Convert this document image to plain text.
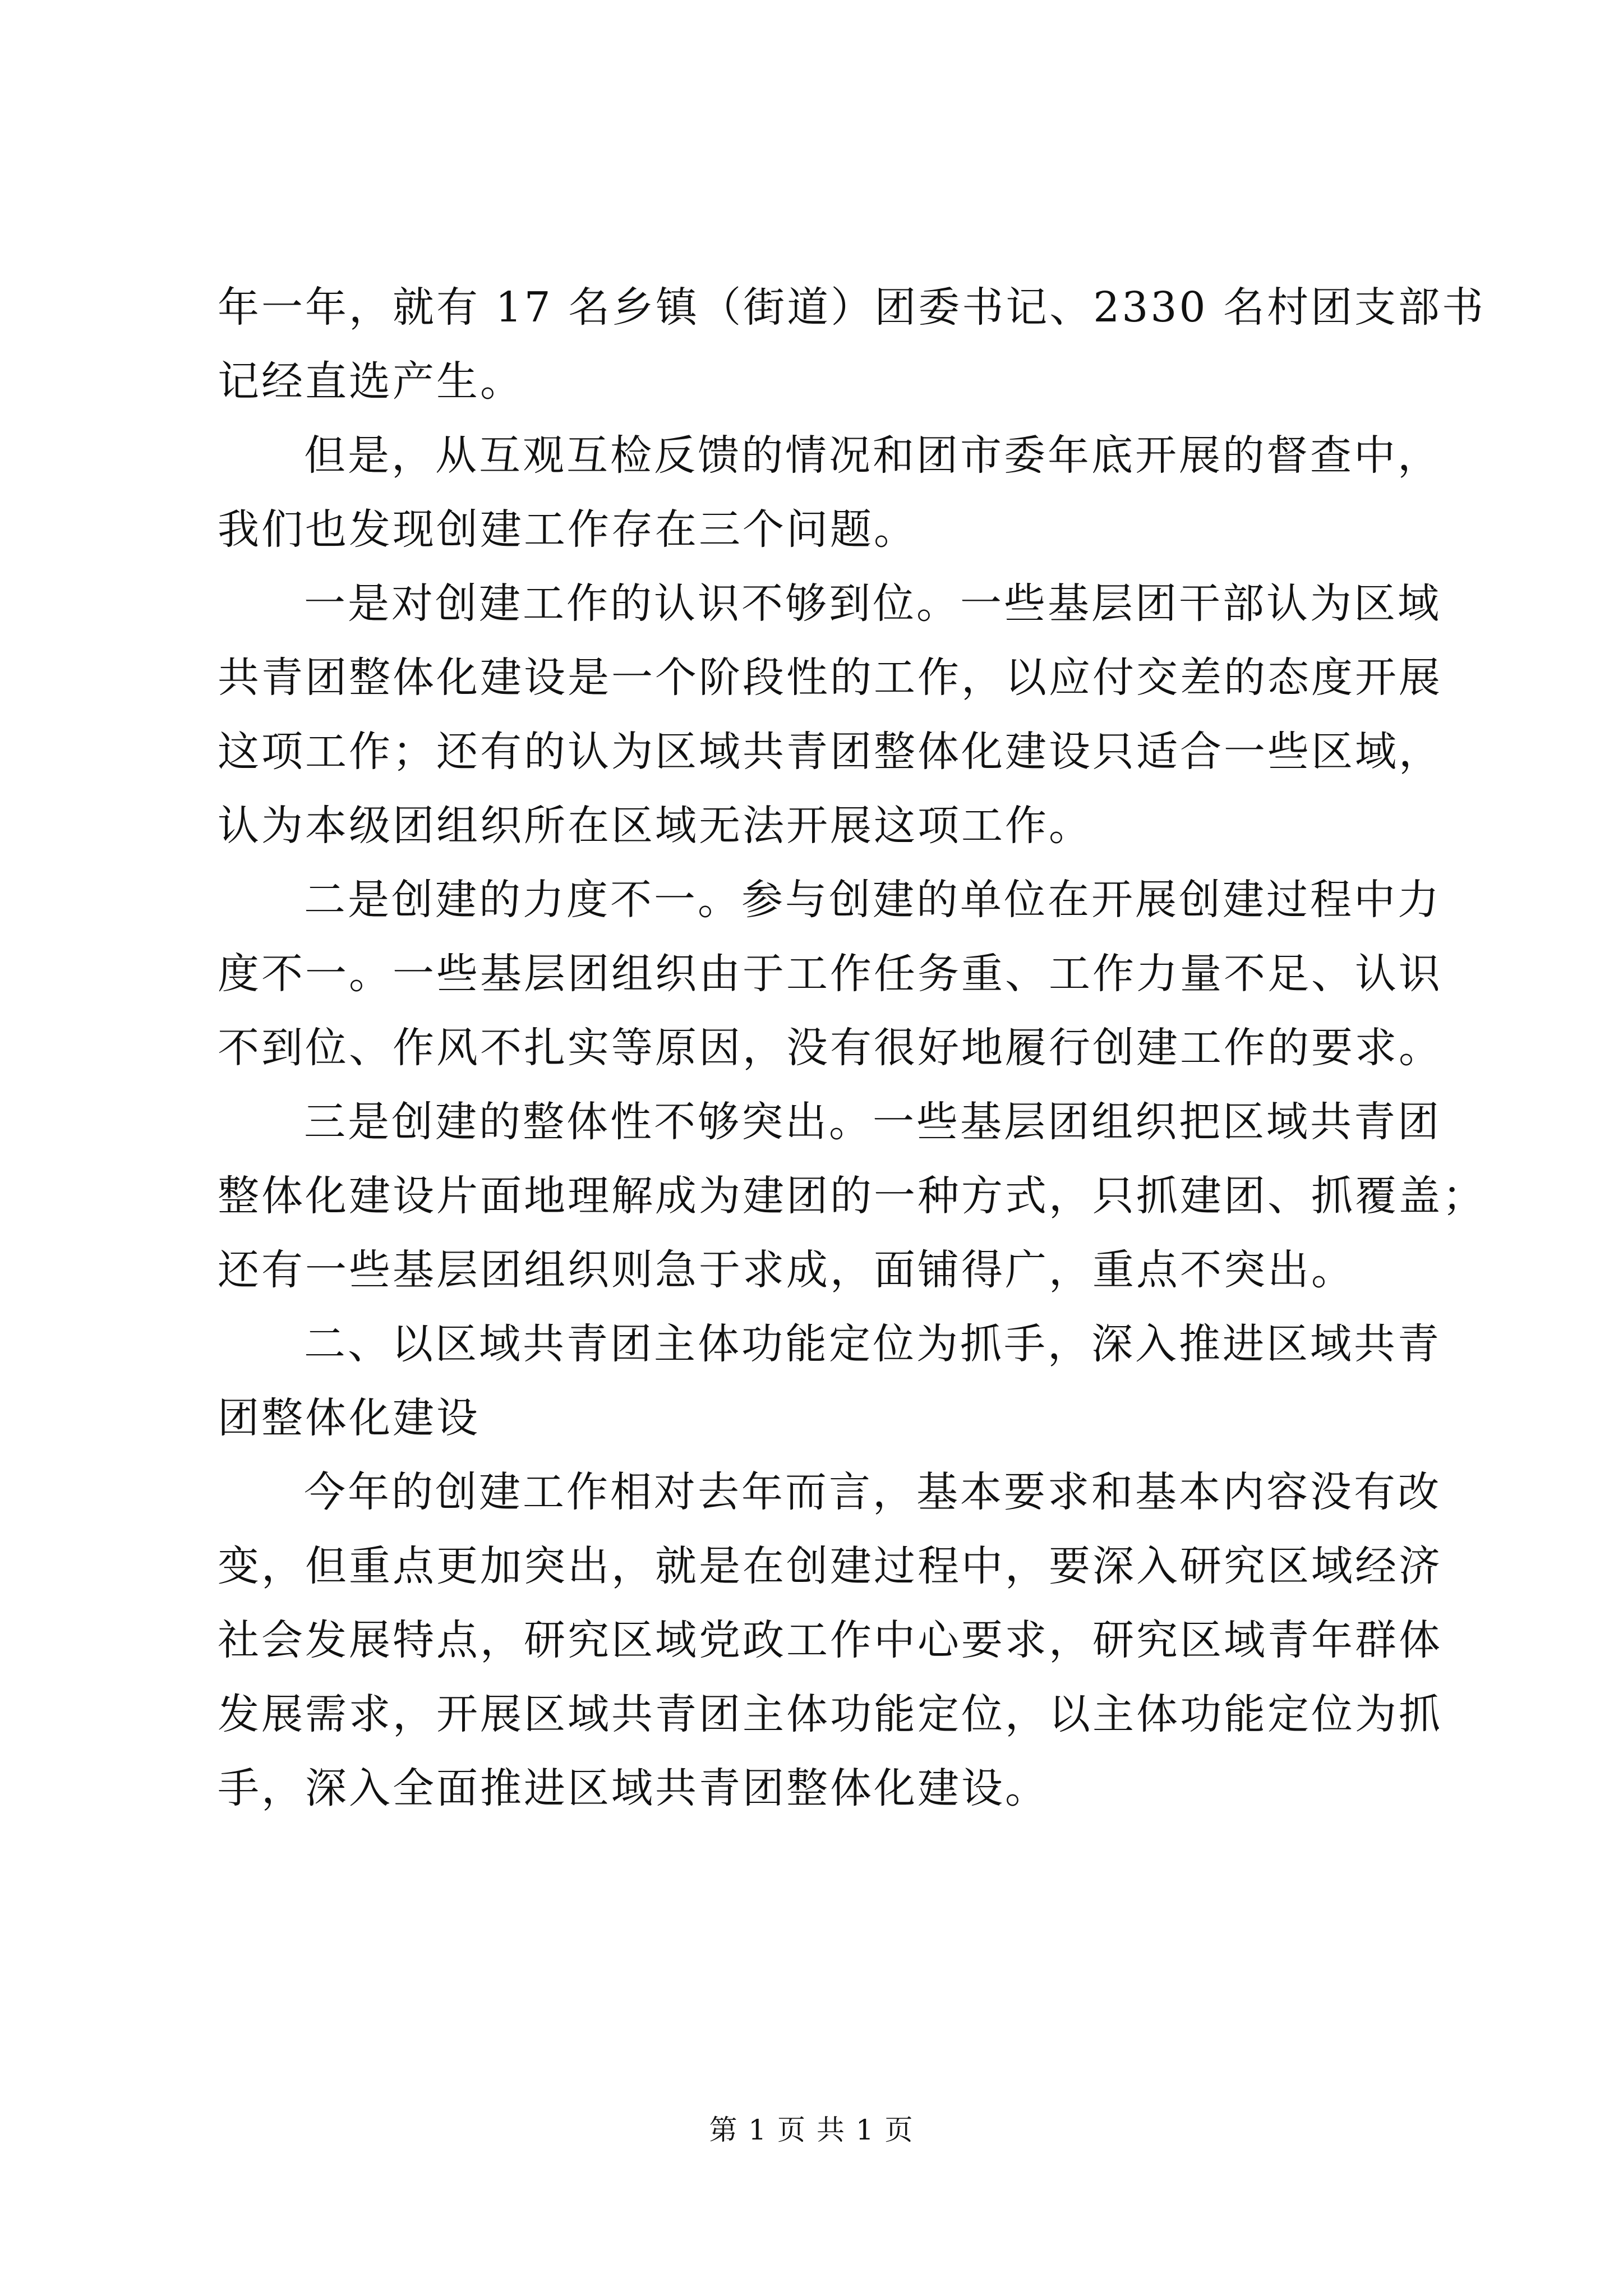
年一年，就有 17 名乡镇（街道）团委书记、2330 名村团支部书
记经直选产生。
但是，从互观互检反馈的情况和团市委年底开展的督查中，
我们也发现创建工作存在三个问题。
一是对创建工作的认识不够到位。一些基层团干部认为区域
共青团整体化建设是一个阶段性的工作，以应付交差的态度开展
这项工作；还有的认为区域共青团整体化建设只适合一些区域，
认为本级团组织所在区域无法开展这项工作。
二是创建的力度不一。参与创建的单位在开展创建过程中力
度不一。一些基层团组织由于工作任务重、工作力量不足、认识
不到位、作风不扎实等原因，没有很好地履行创建工作的要求。
三是创建的整体性不够突出。一些基层团组织把区域共青团
整体化建设片面地理解成为建团的一种方式，只抓建团、抓覆盖；
还有一些基层团组织则急于求成，面铺得广，重点不突出。
二、以区域共青团主体功能定位为抓手，深入推进区域共青
团整体化建设
今年的创建工作相对去年而言，基本要求和基本内容没有改
变，但重点更加突出，就是在创建过程中，要深入研究区域经济
社会发展特点，研究区域党政工作中心要求，研究区域青年群体
发展需求，开展区域共青团主体功能定位，以主体功能定位为抓
手，深入全面推进区域共青团整体化建设。
第 1 页 共 1 页
